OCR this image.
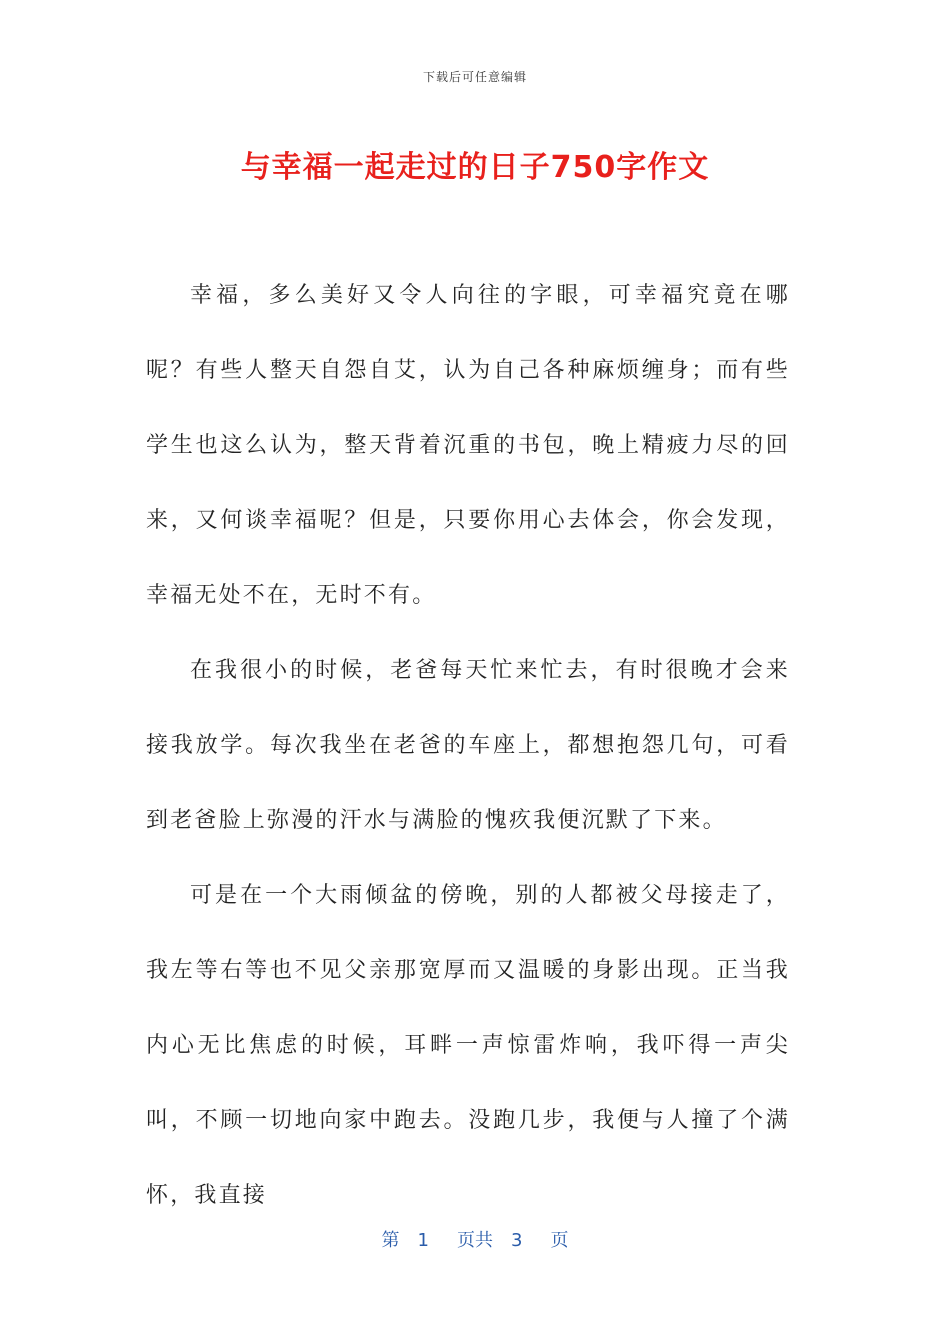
下载后可任意编辑
与幸福一起走过的日子750字作文

幸福，多么美好又令人向往的字眼，可幸福究竟在哪呢？有些人整天自怨自艾，认为自己各种麻烦缠身；而有些学生也这么认为，整天背着沉重的书包，晚上精疲力尽的回来，又何谈幸福呢？但是，只要你用心去体会，你会发现，幸福无处不在，无时不有。

在我很小的时候，老爸每天忙来忙去，有时很晚才会来接我放学。每次我坐在老爸的车座上，都想抱怨几句，可看到老爸脸上弥漫的汗水与满脸的愧疚我便沉默了下来。

可是在一个大雨倾盆的傍晚，别的人都被父母接走了，我左等右等也不见父亲那宽厚而又温暖的身影出现。正当我内心无比焦虑的时候，耳畔一声惊雷炸响，我吓得一声尖叫，不顾一切地向家中跑去。没跑几步，我便与人撞了个满怀，我直接

第 1 页共 3 页
